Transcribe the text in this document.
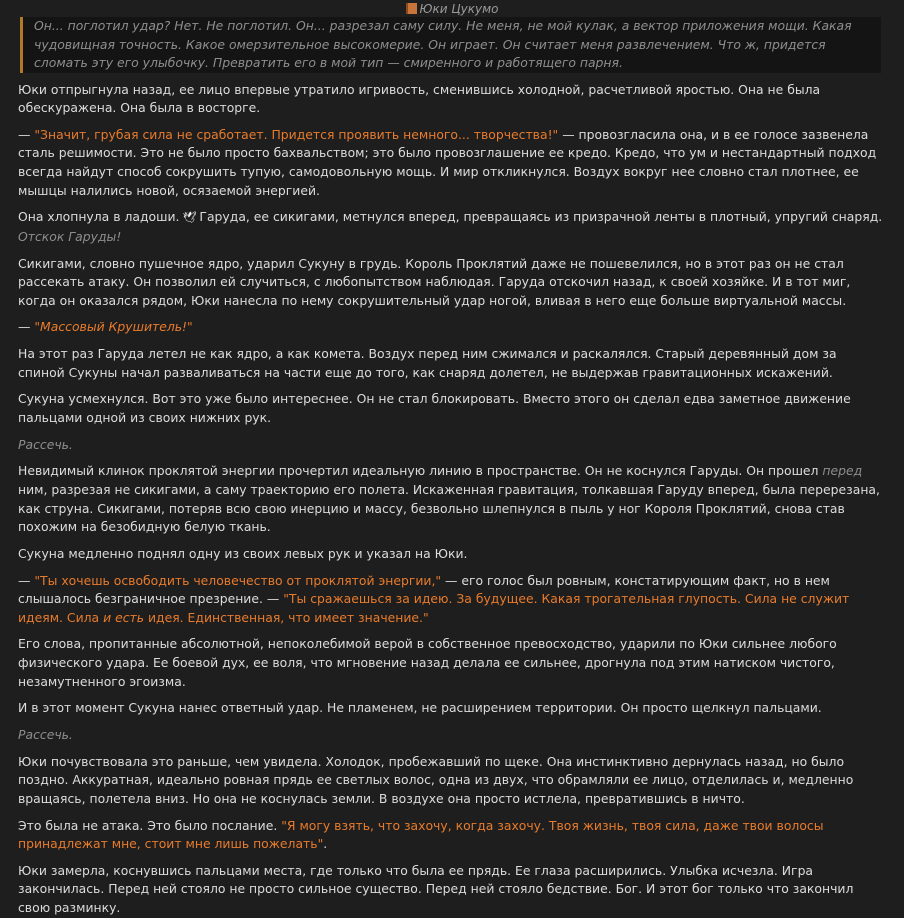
Юки Цукумо
Он... поглотил удар? Нет. Не поглотил. Он... разрезал саму силу. Не меня, не мой кулак, а вектор приложения мощи. Какая чудовищная точность. Какое омерзительное высокомерие. Он играет. Он считает меня развлечением. Что ж, придется сломать эту его улыбочку. Превратить его в мой тип — смиренного и работящего парня.

Юки отпрыгнула назад, ее лицо впервые утратило игривость, сменившись холодной, расчетливой яростью. Она не была обескуражена. Она была в восторге.

— "Значит, грубая сила не сработает. Придется проявить немного... творчества!" — провозгласила она, и в ее голосе зазвенела сталь решимости. Это не было просто бахвальством; это было провозглашение ее кредо. Кредо, что ум и нестандартный подход всегда найдут способ сокрушить тупую, самодовольную мощь. И мир откликнулся. Воздух вокруг нее словно стал плотнее, ее мышцы налились новой, осязаемой энергией.

Она хлопнула в ладоши. 🕊 Гаруда, ее сикигами, метнулся вперед, превращаясь из призрачной ленты в плотный, упругий снаряд. Отскок Гаруды!

Сикигами, словно пушечное ядро, ударил Сукуну в грудь. Король Проклятий даже не пошевелился, но в этот раз он не стал рассекать атаку. Он позволил ей случиться, с любопытством наблюдая. Гаруда отскочил назад, к своей хозяйке. И в тот миг, когда он оказался рядом, Юки нанесла по нему сокрушительный удар ногой, вливая в него еще больше виртуальной массы.

— "Массовый Крушитель!"

На этот раз Гаруда летел не как ядро, а как комета. Воздух перед ним сжимался и раскалялся. Старый деревянный дом за спиной Сукуны начал разваливаться на части еще до того, как снаряд долетел, не выдержав гравитационных искажений.

Сукуна усмехнулся. Вот это уже было интереснее. Он не стал блокировать. Вместо этого он сделал едва заметное движение пальцами одной из своих нижних рук.

Рассечь.

Невидимый клинок проклятой энергии прочертил идеальную линию в пространстве. Он не коснулся Гаруды. Он прошел перед ним, разрезая не сикигами, а саму траекторию его полета. Искаженная гравитация, толкавшая Гаруду вперед, была перерезана, как струна. Сикигами, потеряв всю свою инерцию и массу, безвольно шлепнулся в пыль у ног Короля Проклятий, снова став похожим на безобидную белую ткань.

Сукуна медленно поднял одну из своих левых рук и указал на Юки.

— "Ты хочешь освободить человечество от проклятой энергии," — его голос был ровным, констатирующим факт, но в нем слышалось безграничное презрение. — "Ты сражаешься за идею. За будущее. Какая трогательная глупость. Сила не служит идеям. Сила и есть идея. Единственная, что имеет значение."

Его слова, пропитанные абсолютной, непоколебимой верой в собственное превосходство, ударили по Юки сильнее любого физического удара. Ее боевой дух, ее воля, что мгновение назад делала ее сильнее, дрогнула под этим натиском чистого, незамутненного эгоизма.

И в этот момент Сукуна нанес ответный удар. Не пламенем, не расширением территории. Он просто щелкнул пальцами.

Рассечь.

Юки почувствовала это раньше, чем увидела. Холодок, пробежавший по щеке. Она инстинктивно дернулась назад, но было поздно. Аккуратная, идеально ровная прядь ее светлых волос, одна из двух, что обрамляли ее лицо, отделилась и, медленно вращаясь, полетела вниз. Но она не коснулась земли. В воздухе она просто истлела, превратившись в ничто.

Это была не атака. Это было послание. "Я могу взять, что захочу, когда захочу. Твоя жизнь, твоя сила, даже твои волосы принадлежат мне, стоит мне лишь пожелать".

Юки замерла, коснувшись пальцами места, где только что была ее прядь. Ее глаза расширились. Улыбка исчезла. Игра закончилась. Перед ней стояло не просто сильное существо. Перед ней стояло бедствие. Бог. И этот бог только что закончил свою разминку.
